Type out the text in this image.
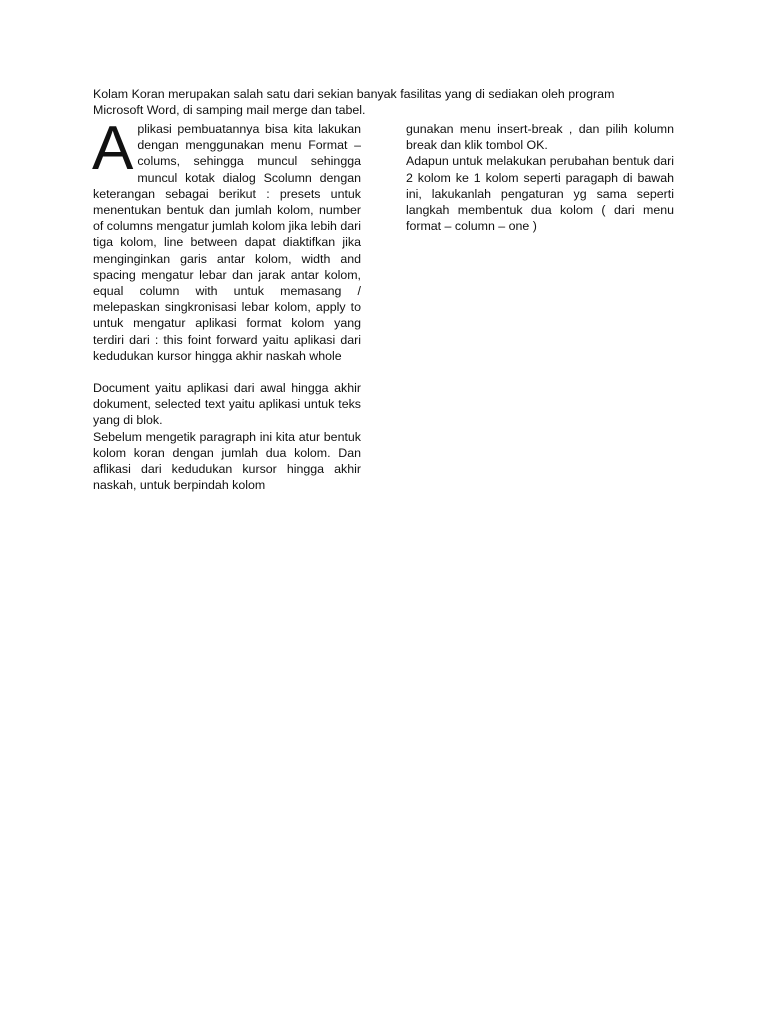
Kolam Koran merupakan salah satu dari sekian banyak fasilitas yang di sediakan oleh program Microsoft Word, di samping mail merge dan tabel.

A plikasi pembuatannya bisa kita lakukan dengan menggunakan menu Format – colums, sehingga muncul sehingga muncul kotak dialog Scolumn dengan keterangan sebagai berikut : presets untuk menentukan bentuk dan jumlah kolom, number of columns mengatur jumlah kolom jika lebih dari tiga kolom, line between dapat diaktifkan jika menginginkan garis antar kolom, width and spacing mengatur lebar dan jarak antar kolom, equal column with untuk memasang / melepaskan singkronisasi lebar kolom, apply to untuk mengatur aplikasi format kolom yang terdiri dari : this foint forward yaitu aplikasi dari kedudukan kursor hingga akhir naskah whole

Document yaitu aplikasi dari awal hingga akhir dokument, selected text yaitu aplikasi untuk teks yang di blok.

Sebelum mengetik paragraph ini kita atur bentuk kolom koran dengan jumlah dua kolom. Dan aflikasi dari kedudukan kursor hingga akhir naskah, untuk berpindah kolom

gunakan menu insert-break , dan pilih kolumn break dan klik tombol OK.

Adapun untuk melakukan perubahan bentuk dari 2 kolom ke 1 kolom seperti paragaph di bawah ini, lakukanlah pengaturan yg sama seperti langkah membentuk dua kolom ( dari menu format – column – one )
